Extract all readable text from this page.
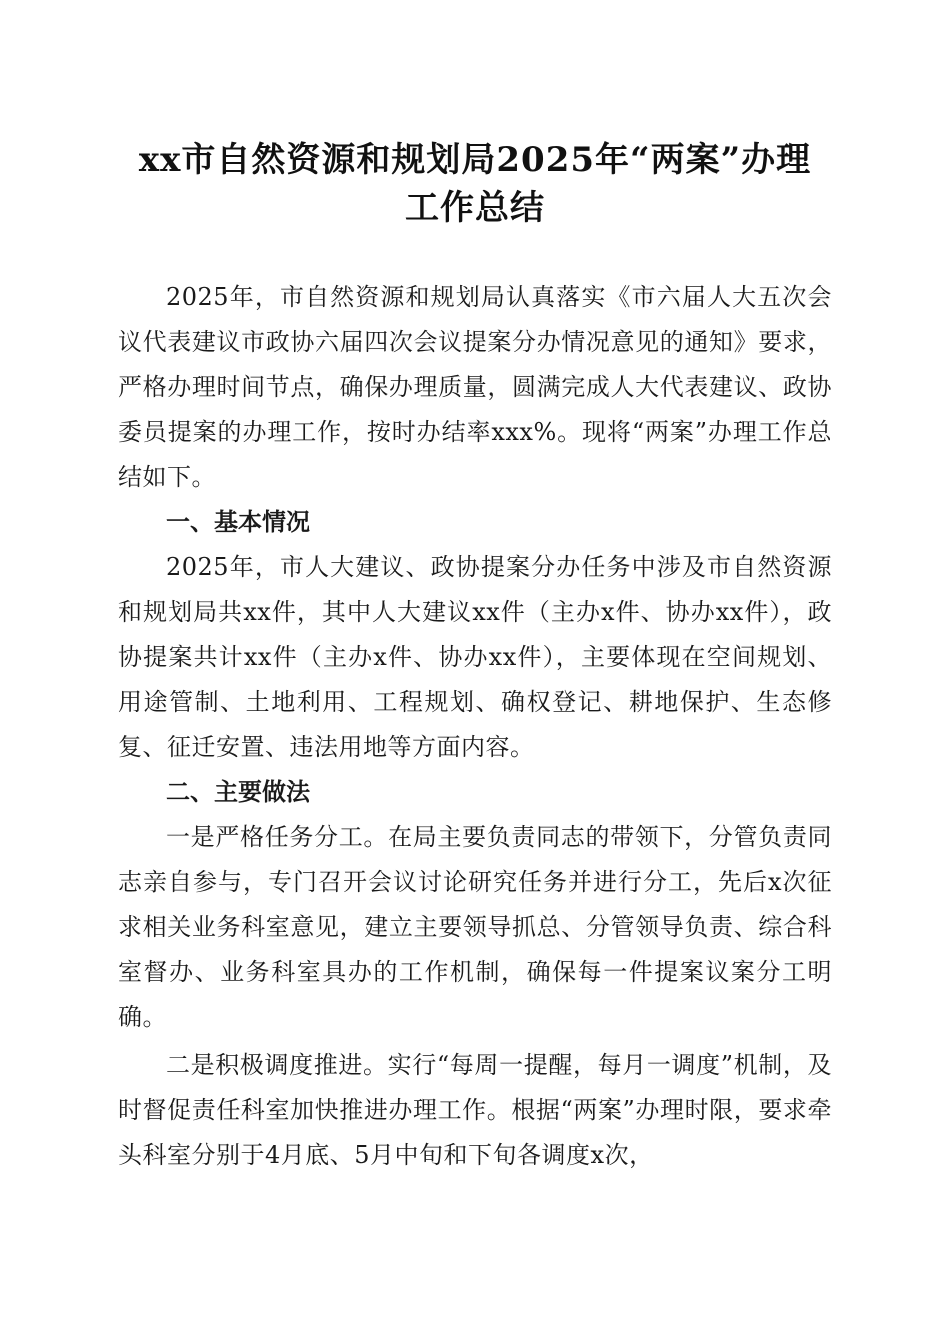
xx市自然资源和规划局2025年“两案”办理
工作总结

2025年，市自然资源和规划局认真落实《市六届人大五次会议代表建议市政协六届四次会议提案分办情况意见的通知》要求，严格办理时间节点，确保办理质量，圆满完成人大代表建议、政协委员提案的办理工作，按时办结率xxx%。现将“两案”办理工作总结如下。

一、基本情况

2025年，市人大建议、政协提案分办任务中涉及市自然资源和规划局共xx件，其中人大建议xx件（主办x件、协办xx件），政协提案共计xx件（主办x件、协办xx件），主要体现在空间规划、用途管制、土地利用、工程规划、确权登记、耕地保护、生态修复、征迁安置、违法用地等方面内容。

二、主要做法

一是严格任务分工。在局主要负责同志的带领下，分管负责同志亲自参与，专门召开会议讨论研究任务并进行分工，先后x次征求相关业务科室意见，建立主要领导抓总、分管领导负责、综合科室督办、业务科室具办的工作机制，确保每一件提案议案分工明确。

二是积极调度推进。实行“每周一提醒，每月一调度”机制，及时督促责任科室加快推进办理工作。根据“两案”办理时限，要求牵头科室分别于4月底、5月中旬和下旬各调度x次，
